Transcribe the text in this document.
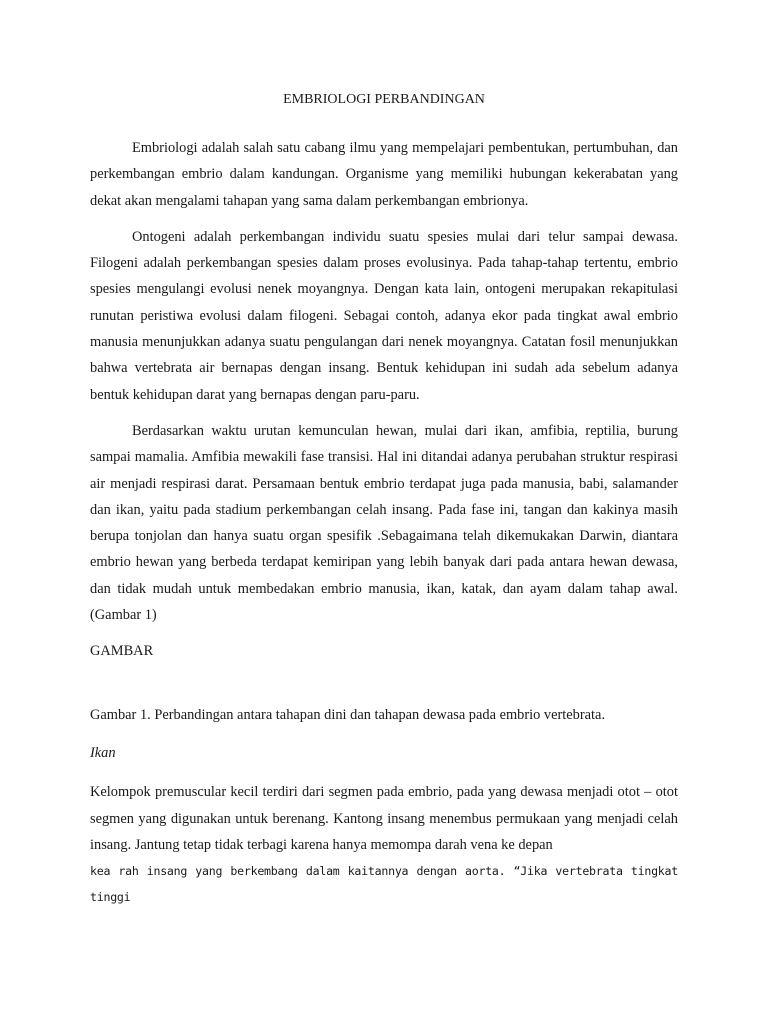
EMBRIOLOGI PERBANDINGAN

Embriologi adalah salah satu cabang ilmu yang mempelajari pembentukan, pertumbuhan, dan perkembangan embrio dalam kandungan. Organisme yang memiliki hubungan kekerabatan yang dekat akan mengalami tahapan yang sama dalam perkembangan embrionya.

Ontogeni adalah perkembangan individu suatu spesies mulai dari telur sampai dewasa. Filogeni adalah perkembangan spesies dalam proses evolusinya. Pada tahap-tahap tertentu, embrio spesies mengulangi evolusi nenek moyangnya. Dengan kata lain, ontogeni merupakan rekapitulasi runutan peristiwa evolusi dalam filogeni. Sebagai contoh, adanya ekor pada tingkat awal embrio manusia menunjukkan adanya suatu pengulangan dari nenek moyangnya. Catatan fosil menunjukkan bahwa vertebrata air bernapas dengan insang. Bentuk kehidupan ini sudah ada sebelum adanya bentuk kehidupan darat yang bernapas dengan paru-paru.

Berdasarkan waktu urutan kemunculan hewan, mulai dari ikan, amfibia, reptilia, burung sampai mamalia. Amfibia mewakili fase transisi. Hal ini ditandai adanya perubahan struktur respirasi air menjadi respirasi darat. Persamaan bentuk embrio terdapat juga pada manusia, babi, salamander dan ikan, yaitu pada stadium perkembangan celah insang. Pada fase ini, tangan dan kakinya masih berupa tonjolan dan hanya suatu organ spesifik .Sebagaimana telah dikemukakan Darwin, diantara embrio hewan yang berbeda terdapat kemiripan yang lebih banyak dari pada antara hewan dewasa, dan tidak mudah untuk membedakan embrio manusia, ikan, katak, dan ayam dalam tahap awal. (Gambar 1)

GAMBAR
Gambar 1. Perbandingan antara tahapan dini dan tahapan dewasa pada embrio vertebrata.
Ikan

Kelompok premuscular kecil terdiri dari segmen pada embrio, pada yang dewasa menjadi otot – otot segmen yang digunakan untuk berenang. Kantong insang menembus permukaan yang menjadi celah insang. Jantung tetap tidak terbagi karena hanya memompa darah vena ke depan
kea rah insang yang berkembang dalam kaitannya dengan aorta. “Jika vertebrata tingkat tinggi
